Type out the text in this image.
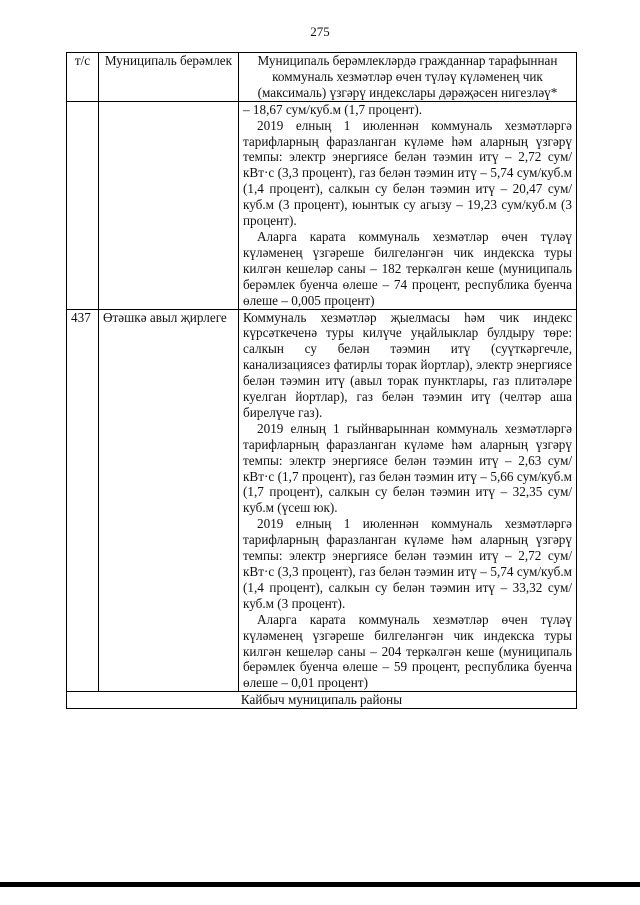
275
т/с	Муниципаль берәмлек	Муниципаль берәмлекләрдә гражданнар тарафыннан коммуналь хезмәтләр өчен түләү күләменең чик (максималь) үзгәрү индекслары дәрәҗәсен нигезләү*

		– 18,67 сум/куб.м (1,7 процент).
2019 елның 1 июленнән коммуналь хезмәтләргә тарифларның фаразланган күләме һәм аларның үзгәрү темпы: электр энергиясе белән тәэмин итү – 2,72 сум/кВт·с (3,3 процент), газ белән тәэмин итү – 5,74 сум/куб.м (1,4 процент), салкын су белән тәэмин итү – 20,47 сум/куб.м (3 процент), юынтык су агызу – 19,23 сум/куб.м (3 процент).
Аларга карата коммуналь хезмәтләр өчен түләү күләменең үзгәреше билгеләнгән чик индекска туры килгән кешеләр саны – 182 теркәлгән кеше (муниципаль берәмлек буенча өлеше – 74 процент, республика буенча өлеше – 0,005 процент)

437	Өтәшкә авыл җирлеге	Коммуналь хезмәтләр җыелмасы һәм чик индекс күрсәткеченә туры килүче уңайлыклар булдыру төре: салкын су белән тәэмин итү (суүткәргечле, канализациясез фатирлы торак йортлар), электр энергиясе белән тәэмин итү (авыл торак пунктлары, газ плитәләре куелган йортлар), газ белән тәэмин итү (челтәр аша бирелүче газ).
2019 елның 1 гыйнварыннан коммуналь хезмәтләргә тарифларның фаразланган күләме һәм аларның үзгәрү темпы: электр энергиясе белән тәэмин итү – 2,63 сум/кВт·с (1,7 процент), газ белән тәэмин итү – 5,66 сум/куб.м (1,7 процент), салкын су белән тәэмин итү – 32,35 сум/куб.м (үсеш юк).
2019 елның 1 июленнән коммуналь хезмәтләргә тарифларның фаразланган күләме һәм аларның үзгәрү темпы: электр энергиясе белән тәэмин итү – 2,72 сум/кВт·с (3,3 процент), газ белән тәэмин итү – 5,74 сум/куб.м (1,4 процент), салкын су белән тәэмин итү – 33,32 сум/куб.м (3 процент).
Аларга карата коммуналь хезмәтләр өчен түләү күләменең үзгәреше билгеләнгән чик индекска туры килгән кешеләр саны – 204 теркәлгән кеше (муниципаль берәмлек буенча өлеше – 59 процент, республика буенча өлеше – 0,01 процент)

Кайбыч муниципаль районы		
